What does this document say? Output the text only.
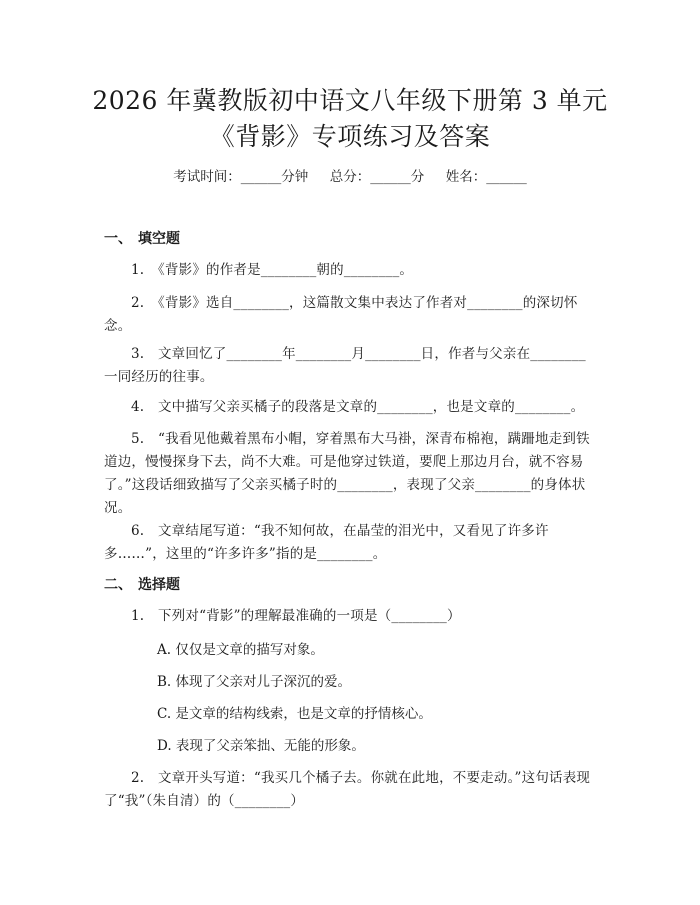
2026 年冀教版初中语文八年级下册第 3 单元
《背影》专项练习及答案
考试时间：______分钟     总分：______分     姓名：______
一、 填空题
1.　《背影》的作者是________朝的________。
2.　《背影》选自________，这篇散文集中表达了作者对________的深切怀念。
3.　文章回忆了________年________月________日，作者与父亲在________一同经历的往事。
4.　文中描写父亲买橘子的段落是文章的________，也是文章的________。
5.　“我看见他戴着黑布小帽，穿着黑布大马褂，深青布棉袍，蹒跚地走到铁道边，慢慢探身下去，尚不大难。可是他穿过铁道，要爬上那边月台，就不容易了。”这段话细致描写了父亲买橘子时的________，表现了父亲________的身体状况。
6.　文章结尾写道：“我不知何故，在晶莹的泪光中，又看见了许多许多……”，这里的“许多许多”指的是________。
二、 选择题
1.　下列对“背影”的理解最准确的一项是（________）
A. 仅仅是文章的描写对象。
B. 体现了父亲对儿子深沉的爱。
C. 是文章的结构线索，也是文章的抒情核心。
D. 表现了父亲笨拙、无能的形象。
2.　文章开头写道：“我买几个橘子去。你就在此地，不要走动。”这句话表现了“我”（朱自清）的（________）
